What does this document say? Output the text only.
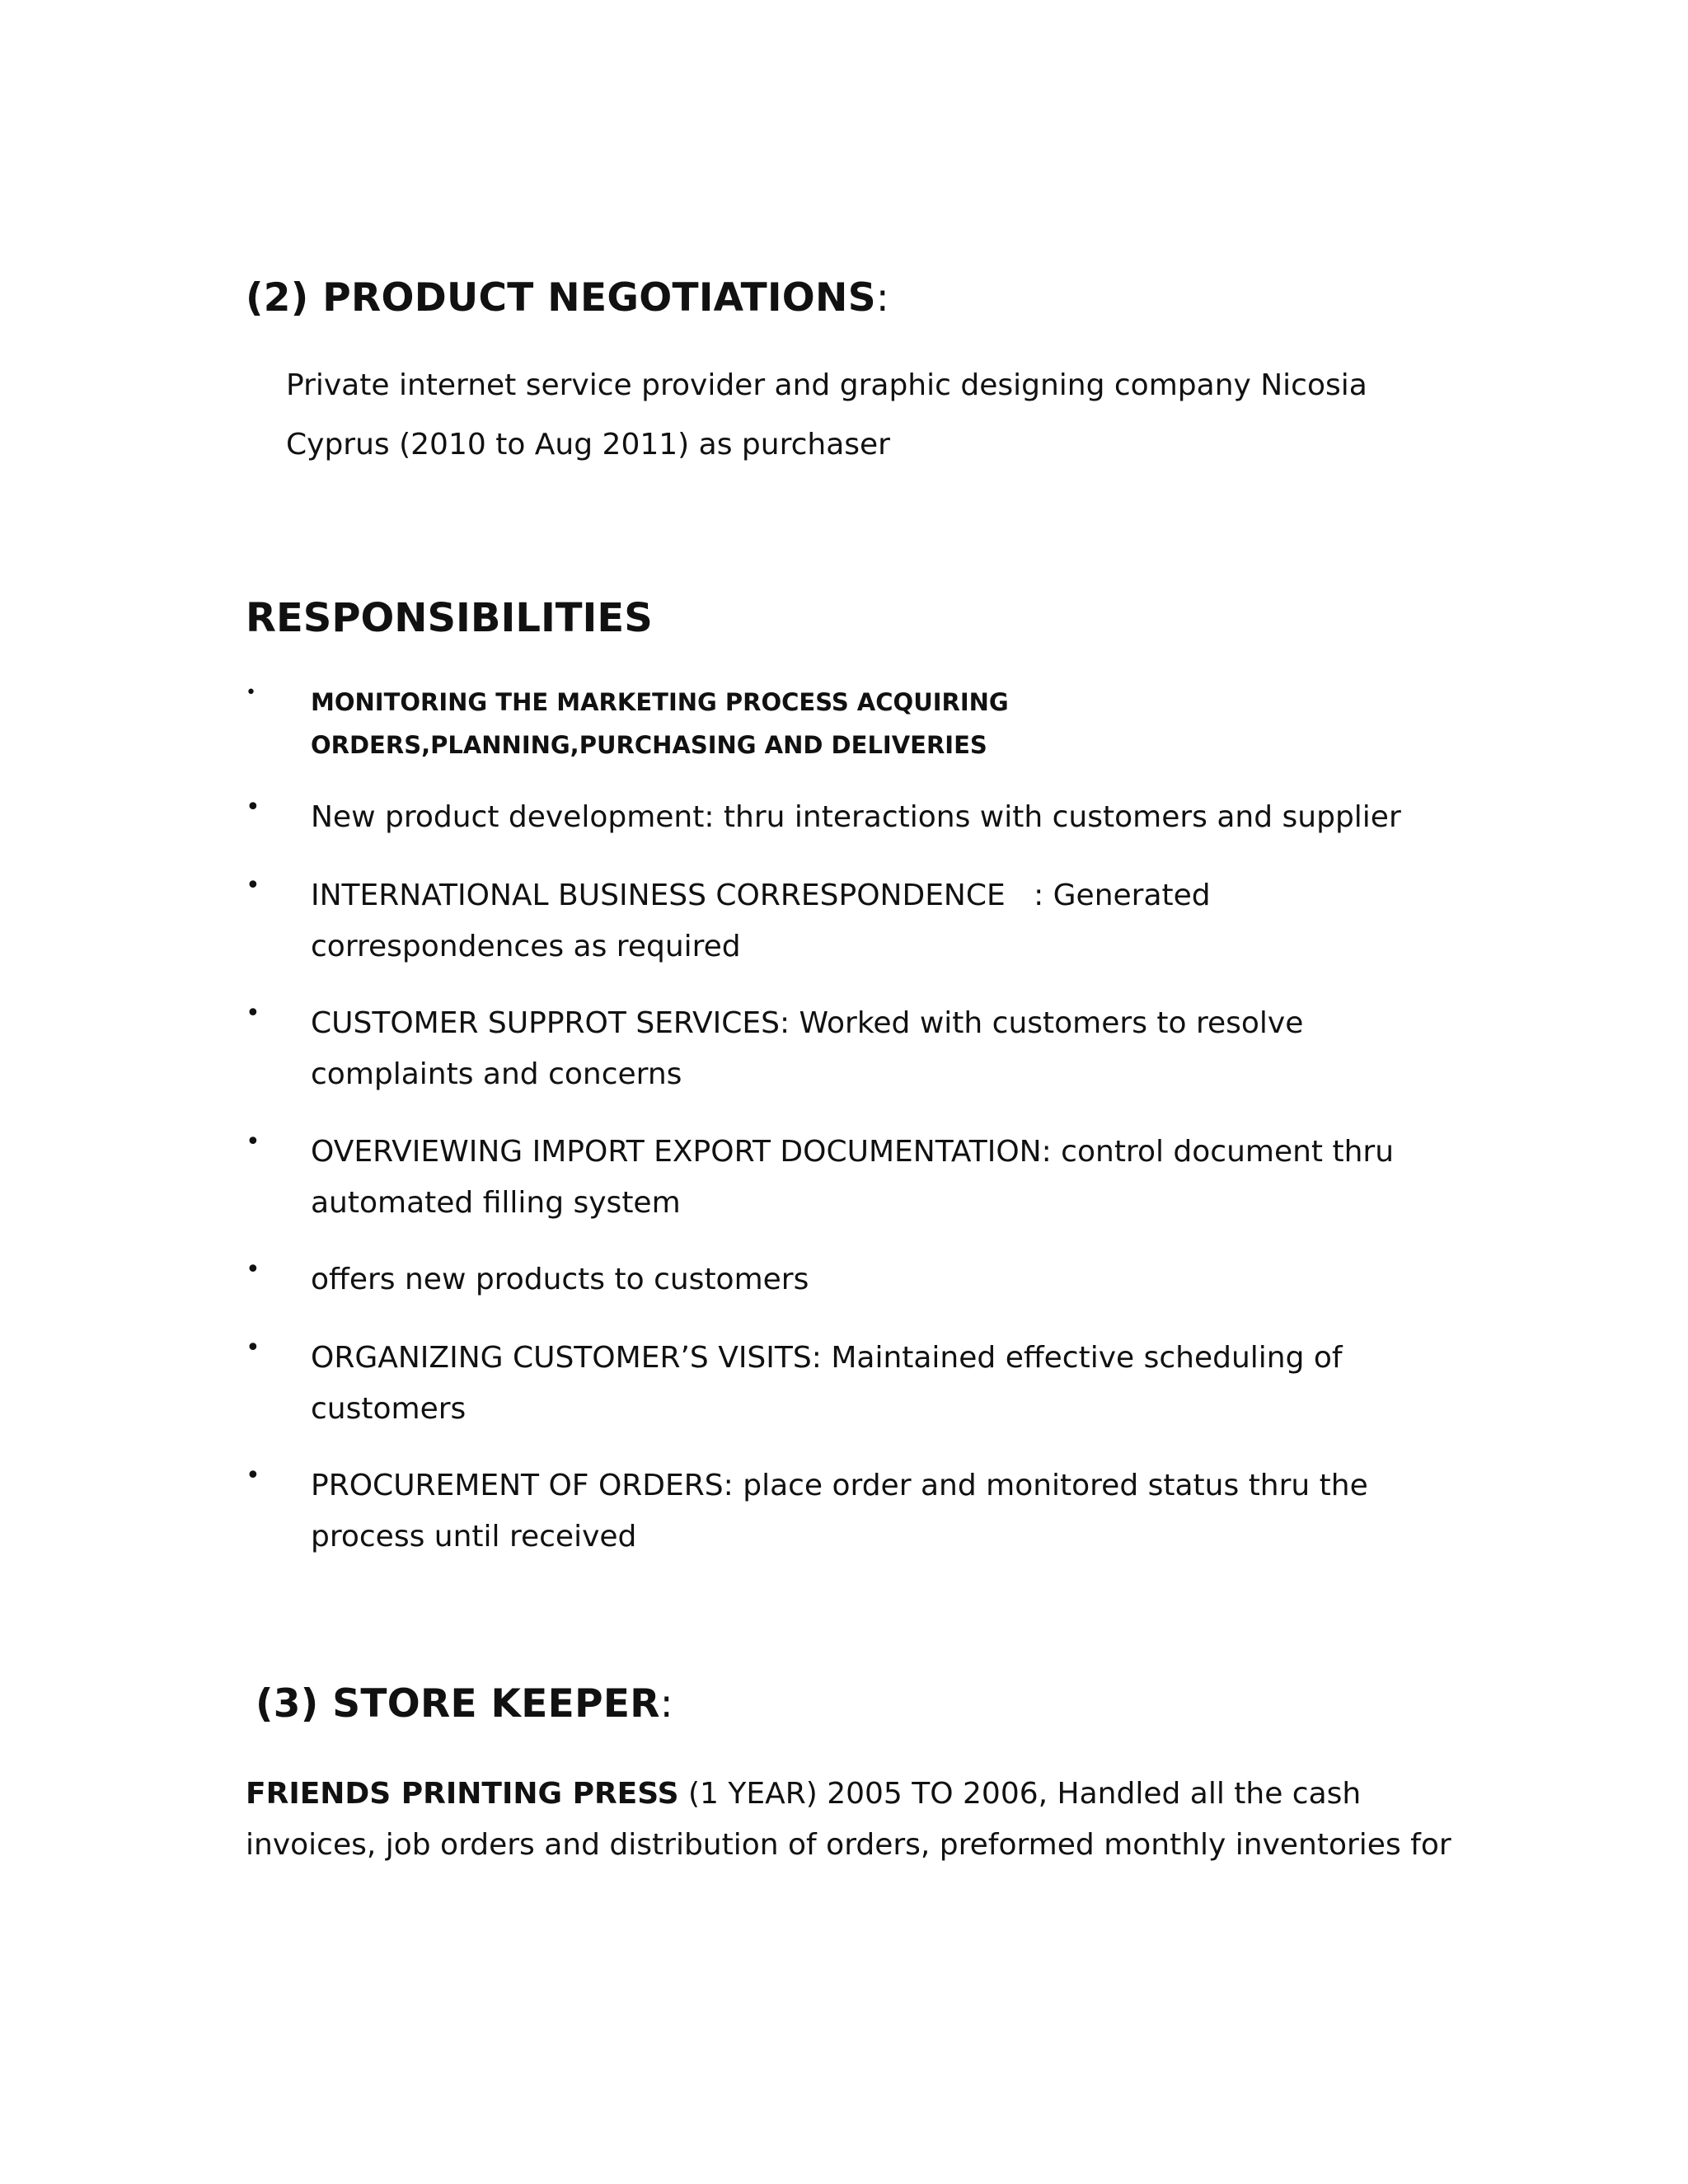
(2) PRODUCT NEGOTIATIONS:
Private internet service provider and graphic designing company Nicosia
Cyprus (2010 to Aug 2011) as purchaser
RESPONSIBILITIES
• MONITORING THE MARKETING PROCESS ACQUIRING
ORDERS,PLANNING,PURCHASING AND DELIVERIES
• New product development: thru interactions with customers and supplier
• INTERNATIONAL BUSINESS CORRESPONDENCE   : Generated
correspondences as required
• CUSTOMER SUPPROT SERVICES: Worked with customers to resolve
complaints and concerns
• OVERVIEWING IMPORT EXPORT DOCUMENTATION: control document thru
automated filling system
• offers new products to customers
• ORGANIZING CUSTOMER’S VISITS: Maintained effective scheduling of
customers
• PROCUREMENT OF ORDERS: place order and monitored status thru the
process until received
(3) STORE KEEPER:
FRIENDS PRINTING PRESS (1 YEAR) 2005 TO 2006, Handled all the cash
invoices, job orders and distribution of orders, preformed monthly inventories for
